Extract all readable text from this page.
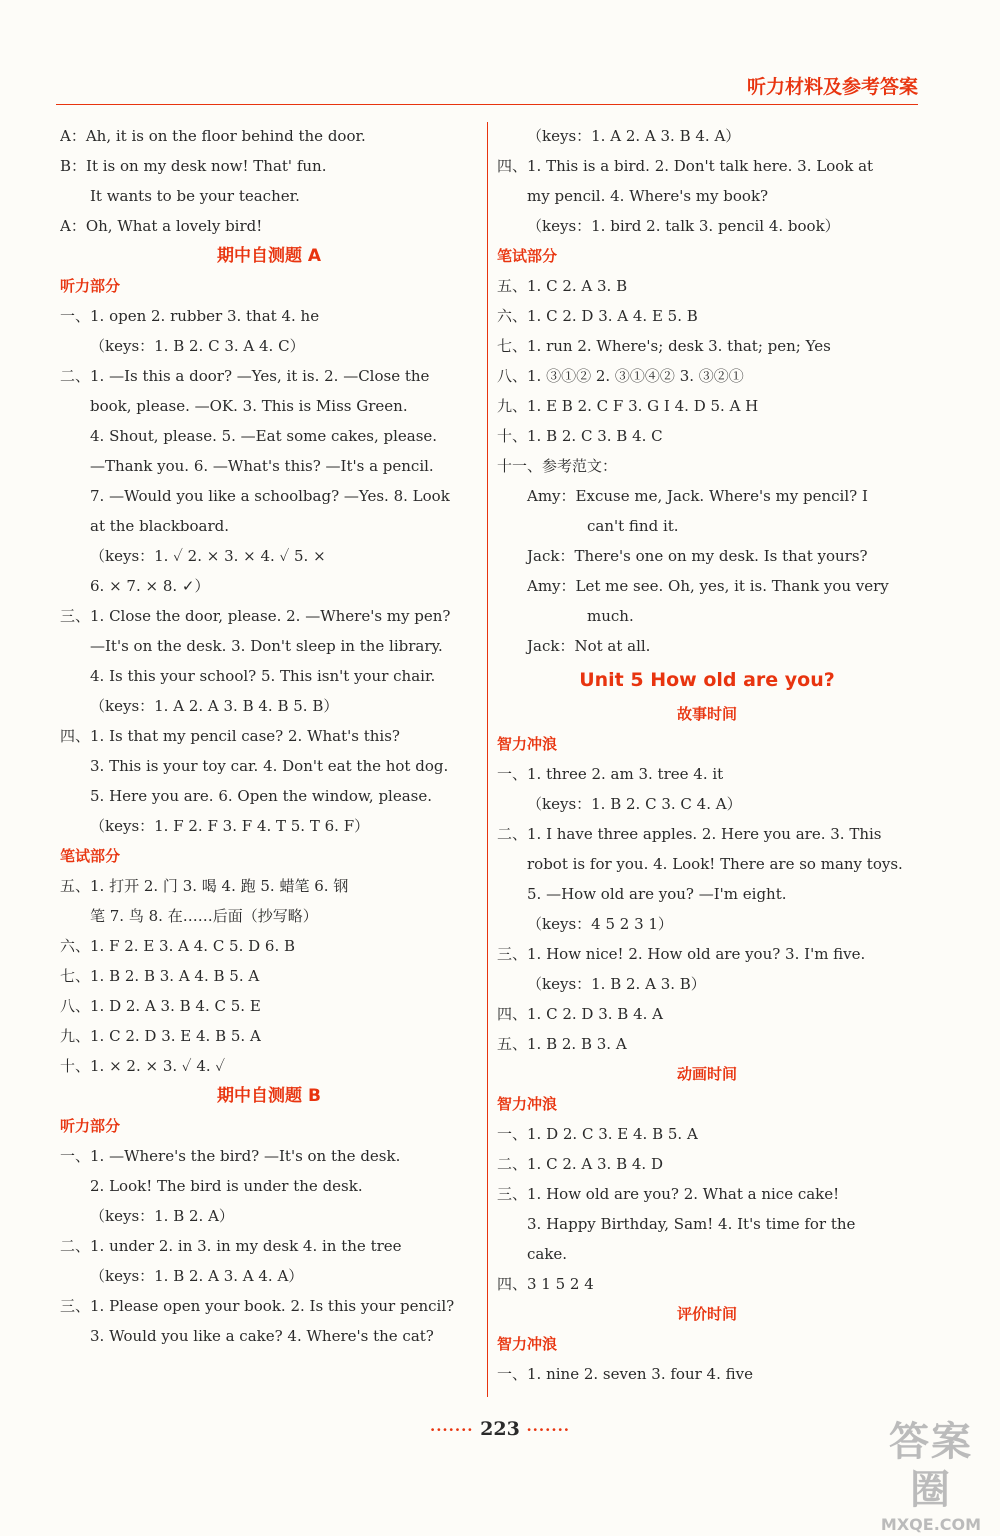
听力材料及参考答案
A：Ah, it is on the floor behind the door.
B：It is on my desk now! That' fun.
It wants to be your teacher.
A：Oh, What a lovely bird!
期中自测题 A
听力部分
一、1. open 2. rubber 3. that 4. he
（keys：1. B 2. C 3. A 4. C）
二、1. —Is this a door? —Yes, it is. 2. —Close the
book, please. —OK. 3. This is Miss Green.
4. Shout, please. 5. —Eat some cakes, please.
—Thank you. 6. —What's this? —It's a pencil.
7. —Would you like a schoolbag? —Yes. 8. Look
at the blackboard.
（keys：1. ✓ 2. × 3. × 4. ✓ 5. ×
6. × 7. × 8. ✓）
三、1. Close the door, please. 2. —Where's my pen?
—It's on the desk. 3. Don't sleep in the library.
4. Is this your school? 5. This isn't your chair.
（keys：1. A 2. A 3. B 4. B 5. B）
四、1. Is that my pencil case? 2. What's this?
3. This is your toy car. 4. Don't eat the hot dog.
5. Here you are. 6. Open the window, please.
（keys：1. F 2. F 3. F 4. T 5. T 6. F）
笔试部分
五、1. 打开 2. 门 3. 喝 4. 跑 5. 蜡笔 6. 钢
笔 7. 鸟 8. 在……后面（抄写略）
六、1. F 2. E 3. A 4. C 5. D 6. B
七、1. B 2. B 3. A 4. B 5. A
八、1. D 2. A 3. B 4. C 5. E
九、1. C 2. D 3. E 4. B 5. A
十、1. × 2. × 3. ✓ 4. ✓
期中自测题 B
听力部分
一、1. —Where's the bird? —It's on the desk.
2. Look! The bird is under the desk.
（keys：1. B 2. A）
二、1. under 2. in 3. in my desk 4. in the tree
（keys：1. B 2. A 3. A 4. A）
三、1. Please open your book. 2. Is this your pencil?
3. Would you like a cake? 4. Where's the cat?
（keys：1. A 2. A 3. B 4. A）
四、1. This is a bird. 2. Don't talk here. 3. Look at
my pencil. 4. Where's my book?
（keys：1. bird 2. talk 3. pencil 4. book）
笔试部分
五、1. C 2. A 3. B
六、1. C 2. D 3. A 4. E 5. B
七、1. run 2. Where's; desk 3. that; pen; Yes
八、1. ③①② 2. ③①④② 3. ③②①
九、1. E B 2. C F 3. G I 4. D 5. A H
十、1. B 2. C 3. B 4. C
十一、参考范文：
Amy：Excuse me, Jack. Where's my pencil? I
can't find it.
Jack：There's one on my desk. Is that yours?
Amy：Let me see. Oh, yes, it is. Thank you very
much.
Jack：Not at all.
Unit 5 How old are you?
故事时间
智力冲浪
一、1. three 2. am 3. tree 4. it
（keys：1. B 2. C 3. C 4. A）
二、1. I have three apples. 2. Here you are. 3. This
robot is for you. 4. Look! There are so many toys.
5. —How old are you? —I'm eight.
（keys：4 5 2 3 1）
三、1. How nice! 2. How old are you? 3. I'm five.
（keys：1. B 2. A 3. B）
四、1. C 2. D 3. B 4. A
五、1. B 2. B 3. A
动画时间
智力冲浪
一、1. D 2. C 3. E 4. B 5. A
二、1. C 2. A 3. B 4. D
三、1. How old are you? 2. What a nice cake!
3. Happy Birthday, Sam! 4. It's time for the
cake.
四、3 1 5 2 4
评价时间
智力冲浪
一、1. nine 2. seven 3. four 4. five
······· 223 ·······	答案圈
MXQE.COM
